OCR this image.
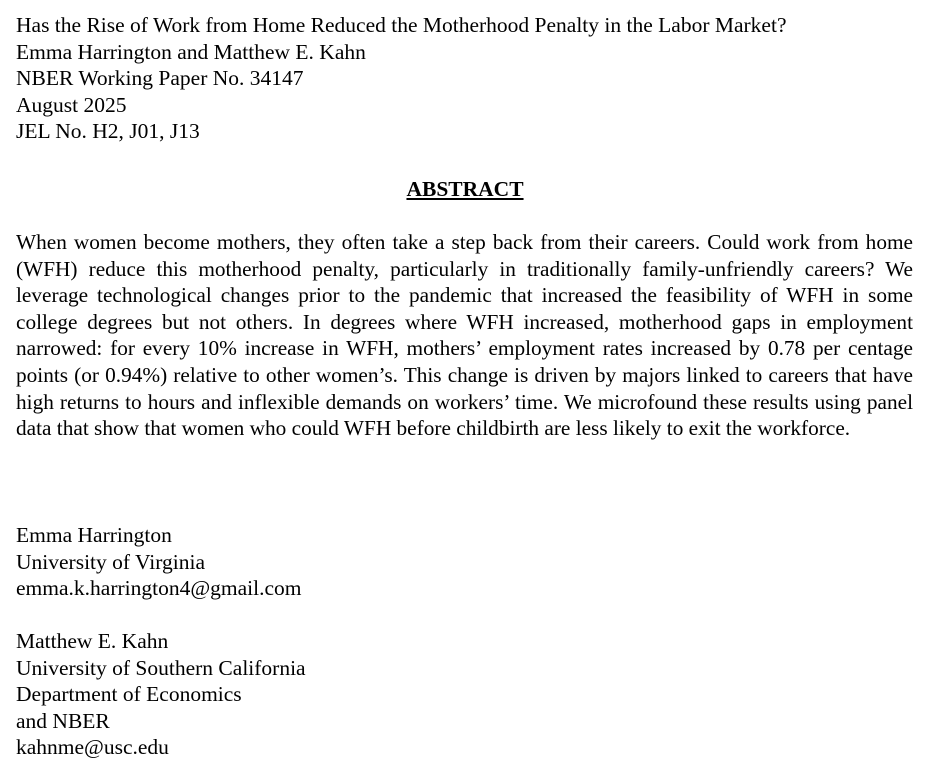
Has the Rise of Work from Home Reduced the Motherhood Penalty in the Labor Market?

Emma Harrington and Matthew E. Kahn

NBER Working Paper No. 34147

August 2025

JEL No. H2, J01, J13

ABSTRACT

When women become mothers, they often take a step back from their careers. Could work from home (WFH) reduce this motherhood penalty, particularly in traditionally family-unfriendly careers? We leverage technological changes prior to the pandemic that increased the feasibility of WFH in some college degrees but not others. In degrees where WFH increased, motherhood gaps in employment narrowed: for every 10% increase in WFH, mothers’ employment rates increased by 0.78 per centage points (or 0.94%) relative to other women’s. This change is driven by majors linked to careers that have high returns to hours and inflexible demands on workers’ time. We microfound these results using panel data that show that women who could WFH before childbirth are less likely to exit the workforce.

Emma Harrington

University of Virginia

emma.k.harrington4@gmail.com

Matthew E. Kahn

University of Southern California

Department of Economics

and NBER

kahnme@usc.edu
